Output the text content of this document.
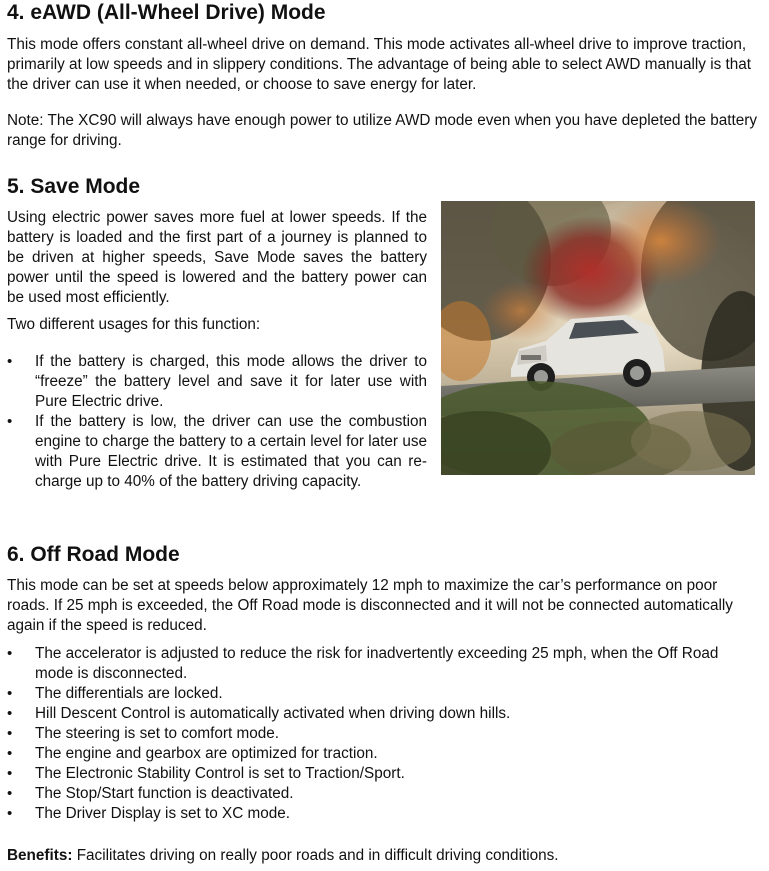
4. eAWD (All-Wheel Drive) Mode

This mode offers constant all-wheel drive on demand. This mode activates all-wheel drive to improve traction, primarily at low speeds and in slippery conditions. The advantage of being able to select AWD manually is that the driver can use it when needed, or choose to save energy for later.

Note: The XC90 will always have enough power to utilize AWD mode even when you have depleted the battery range for driving.

5. Save Mode

Using electric power saves more fuel at lower speeds. If the battery is loaded and the first part of a journey is planned to be driven at higher speeds, Save Mode saves the battery power until the speed is lowered and the battery power can be used most efficiently.

Two different usages for this function:

• If the battery is charged, this mode allows the driver to “freeze” the battery level and save it for later use with Pure Electric drive.
• If the battery is low, the driver can use the combustion engine to charge the battery to a certain level for later use with Pure Electric drive. It is estimated that you can re-charge up to 40% of the battery driving capacity.
6. Off Road Mode

This mode can be set at speeds below approximately 12 mph to maximize the car’s performance on poor roads. If 25 mph is exceeded, the Off Road mode is disconnected and it will not be connected automatically again if the speed is reduced.

• The accelerator is adjusted to reduce the risk for inadvertently exceeding 25 mph, when the Off Road mode is disconnected.
• The differentials are locked.
• Hill Descent Control is automatically activated when driving down hills.
• The steering is set to comfort mode.
• The engine and gearbox are optimized for traction.
• The Electronic Stability Control is set to Traction/Sport.
• The Stop/Start function is deactivated.
• The Driver Display is set to XC mode.

Benefits: Facilitates driving on really poor roads and in difficult driving conditions.
